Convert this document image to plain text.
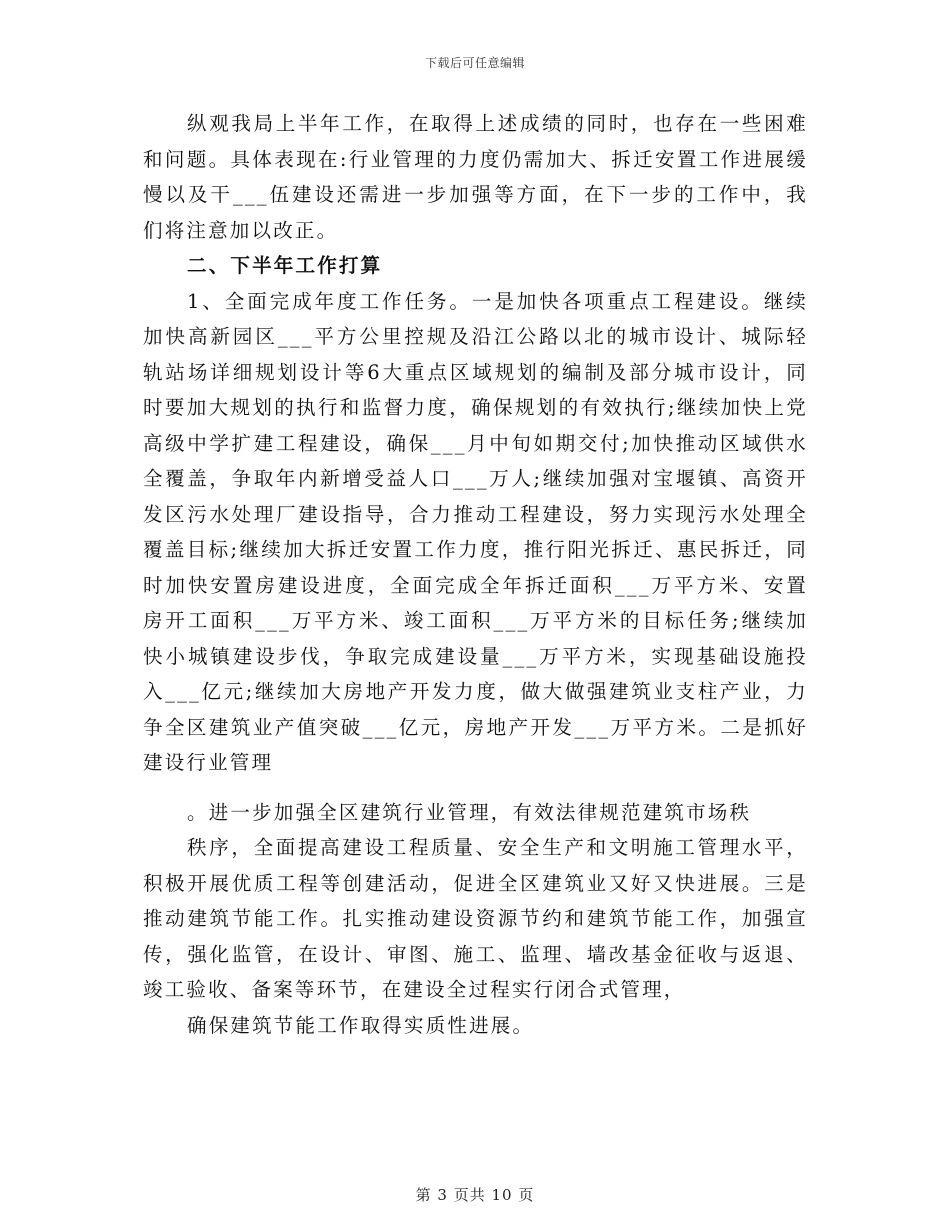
下载后可任意编辑

纵观我局上半年工作，在取得上述成绩的同时，也存在一些困难和问题。具体表现在:行业管理的力度仍需加大、拆迁安置工作进展缓慢以及干___伍建设还需进一步加强等方面，在下一步的工作中，我们将注意加以改正。

二、下半年工作打算

1、全面完成年度工作任务。一是加快各项重点工程建设。继续加快高新园区___平方公里控规及沿江公路以北的城市设计、城际轻轨站场详细规划设计等6大重点区域规划的编制及部分城市设计，同时要加大规划的执行和监督力度，确保规划的有效执行;继续加快上党高级中学扩建工程建设，确保___月中旬如期交付;加快推动区域供水全覆盖，争取年内新增受益人口___万人;继续加强对宝堰镇、高资开发区污水处理厂建设指导，合力推动工程建设，努力实现污水处理全覆盖目标;继续加大拆迁安置工作力度，推行阳光拆迁、惠民拆迁，同时加快安置房建设进度，全面完成全年拆迁面积___万平方米、安置房开工面积___万平方米、竣工面积___万平方米的目标任务;继续加快小城镇建设步伐，争取完成建设量___万平方米，实现基础设施投入___亿元;继续加大房地产开发力度，做大做强建筑业支柱产业，力争全区建筑业产值突破___亿元，房地产开发___万平方米。二是抓好建设行业管理

。进一步加强全区建筑行业管理，有效法律规范建筑市场秩

秩序，全面提高建设工程质量、安全生产和文明施工管理水平，积极开展优质工程等创建活动，促进全区建筑业又好又快进展。三是推动建筑节能工作。扎实推动建设资源节约和建筑节能工作，加强宣传，强化监管，在设计、审图、施工、监理、墙改基金征收与返退、竣工验收、备案等环节，在建设全过程实行闭合式管理，

确保建筑节能工作取得实质性进展。

第 3 页共 10 页
